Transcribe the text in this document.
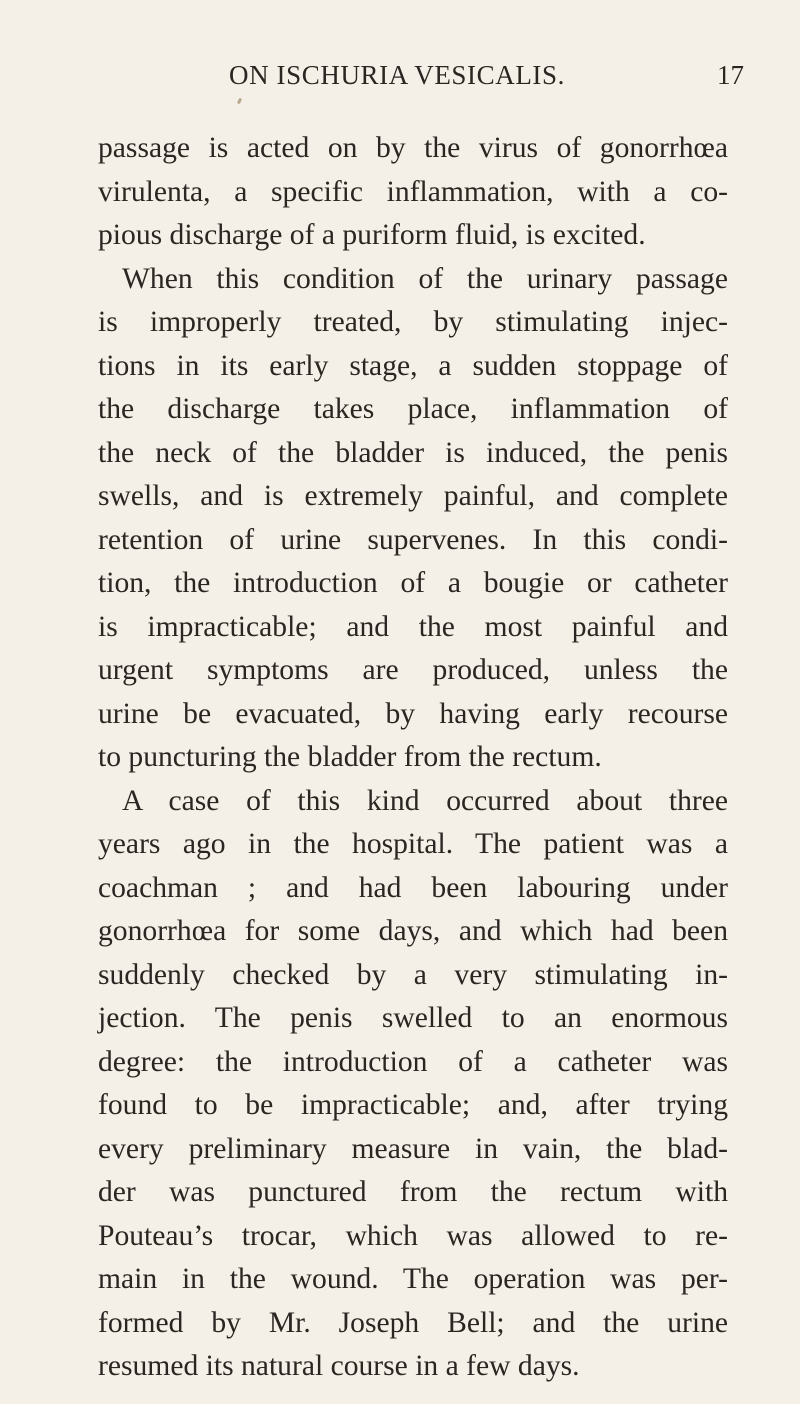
ON ISCHURIA VESICALIS.	17
passage is acted on by the virus of gonorrhœa
virulenta, a specific inflammation, with a co-
pious discharge of a puriform fluid, is excited.
When this condition of the urinary passage
is improperly treated, by stimulating injec-
tions in its early stage, a sudden stoppage of
the discharge takes place, inflammation of
the neck of the bladder is induced, the penis
swells, and is extremely painful, and complete
retention of urine supervenes. In this condi-
tion, the introduction of a bougie or catheter
is impracticable; and the most painful and
urgent symptoms are produced, unless the
urine be evacuated, by having early recourse
to puncturing the bladder from the rectum.
A case of this kind occurred about three
years ago in the hospital. The patient was a
coachman ; and had been labouring under
gonorrhœa for some days, and which had been
suddenly checked by a very stimulating in-
jection. The penis swelled to an enormous
degree: the introduction of a catheter was
found to be impracticable; and, after trying
every preliminary measure in vain, the blad-
der was punctured from the rectum with
Pouteau’s trocar, which was allowed to re-
main in the wound. The operation was per-
formed by Mr. Joseph Bell; and the urine
resumed its natural course in a few days.
